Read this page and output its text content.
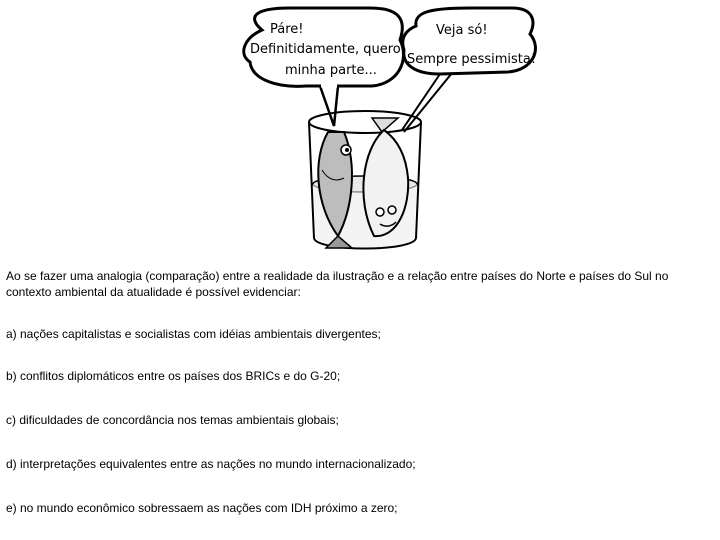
Páre!
Definitidamente, quero
minha parte...
Veja só!
Sempre pessimista!

Ao se fazer uma analogia (comparação) entre a realidade da ilustração e a relação entre países do Norte e países do Sul no contexto ambiental da atualidade é possível evidenciar:

a) nações capitalistas e socialistas com idéias ambientais divergentes;
b) conflitos diplomáticos entre os países dos BRICs e do G-20;
c) dificuldades de concordância nos temas ambientais globais;
d) interpretações equivalentes entre as nações no mundo internacionalizado;
e) no mundo econômico sobressaem as nações com IDH próximo a zero;
